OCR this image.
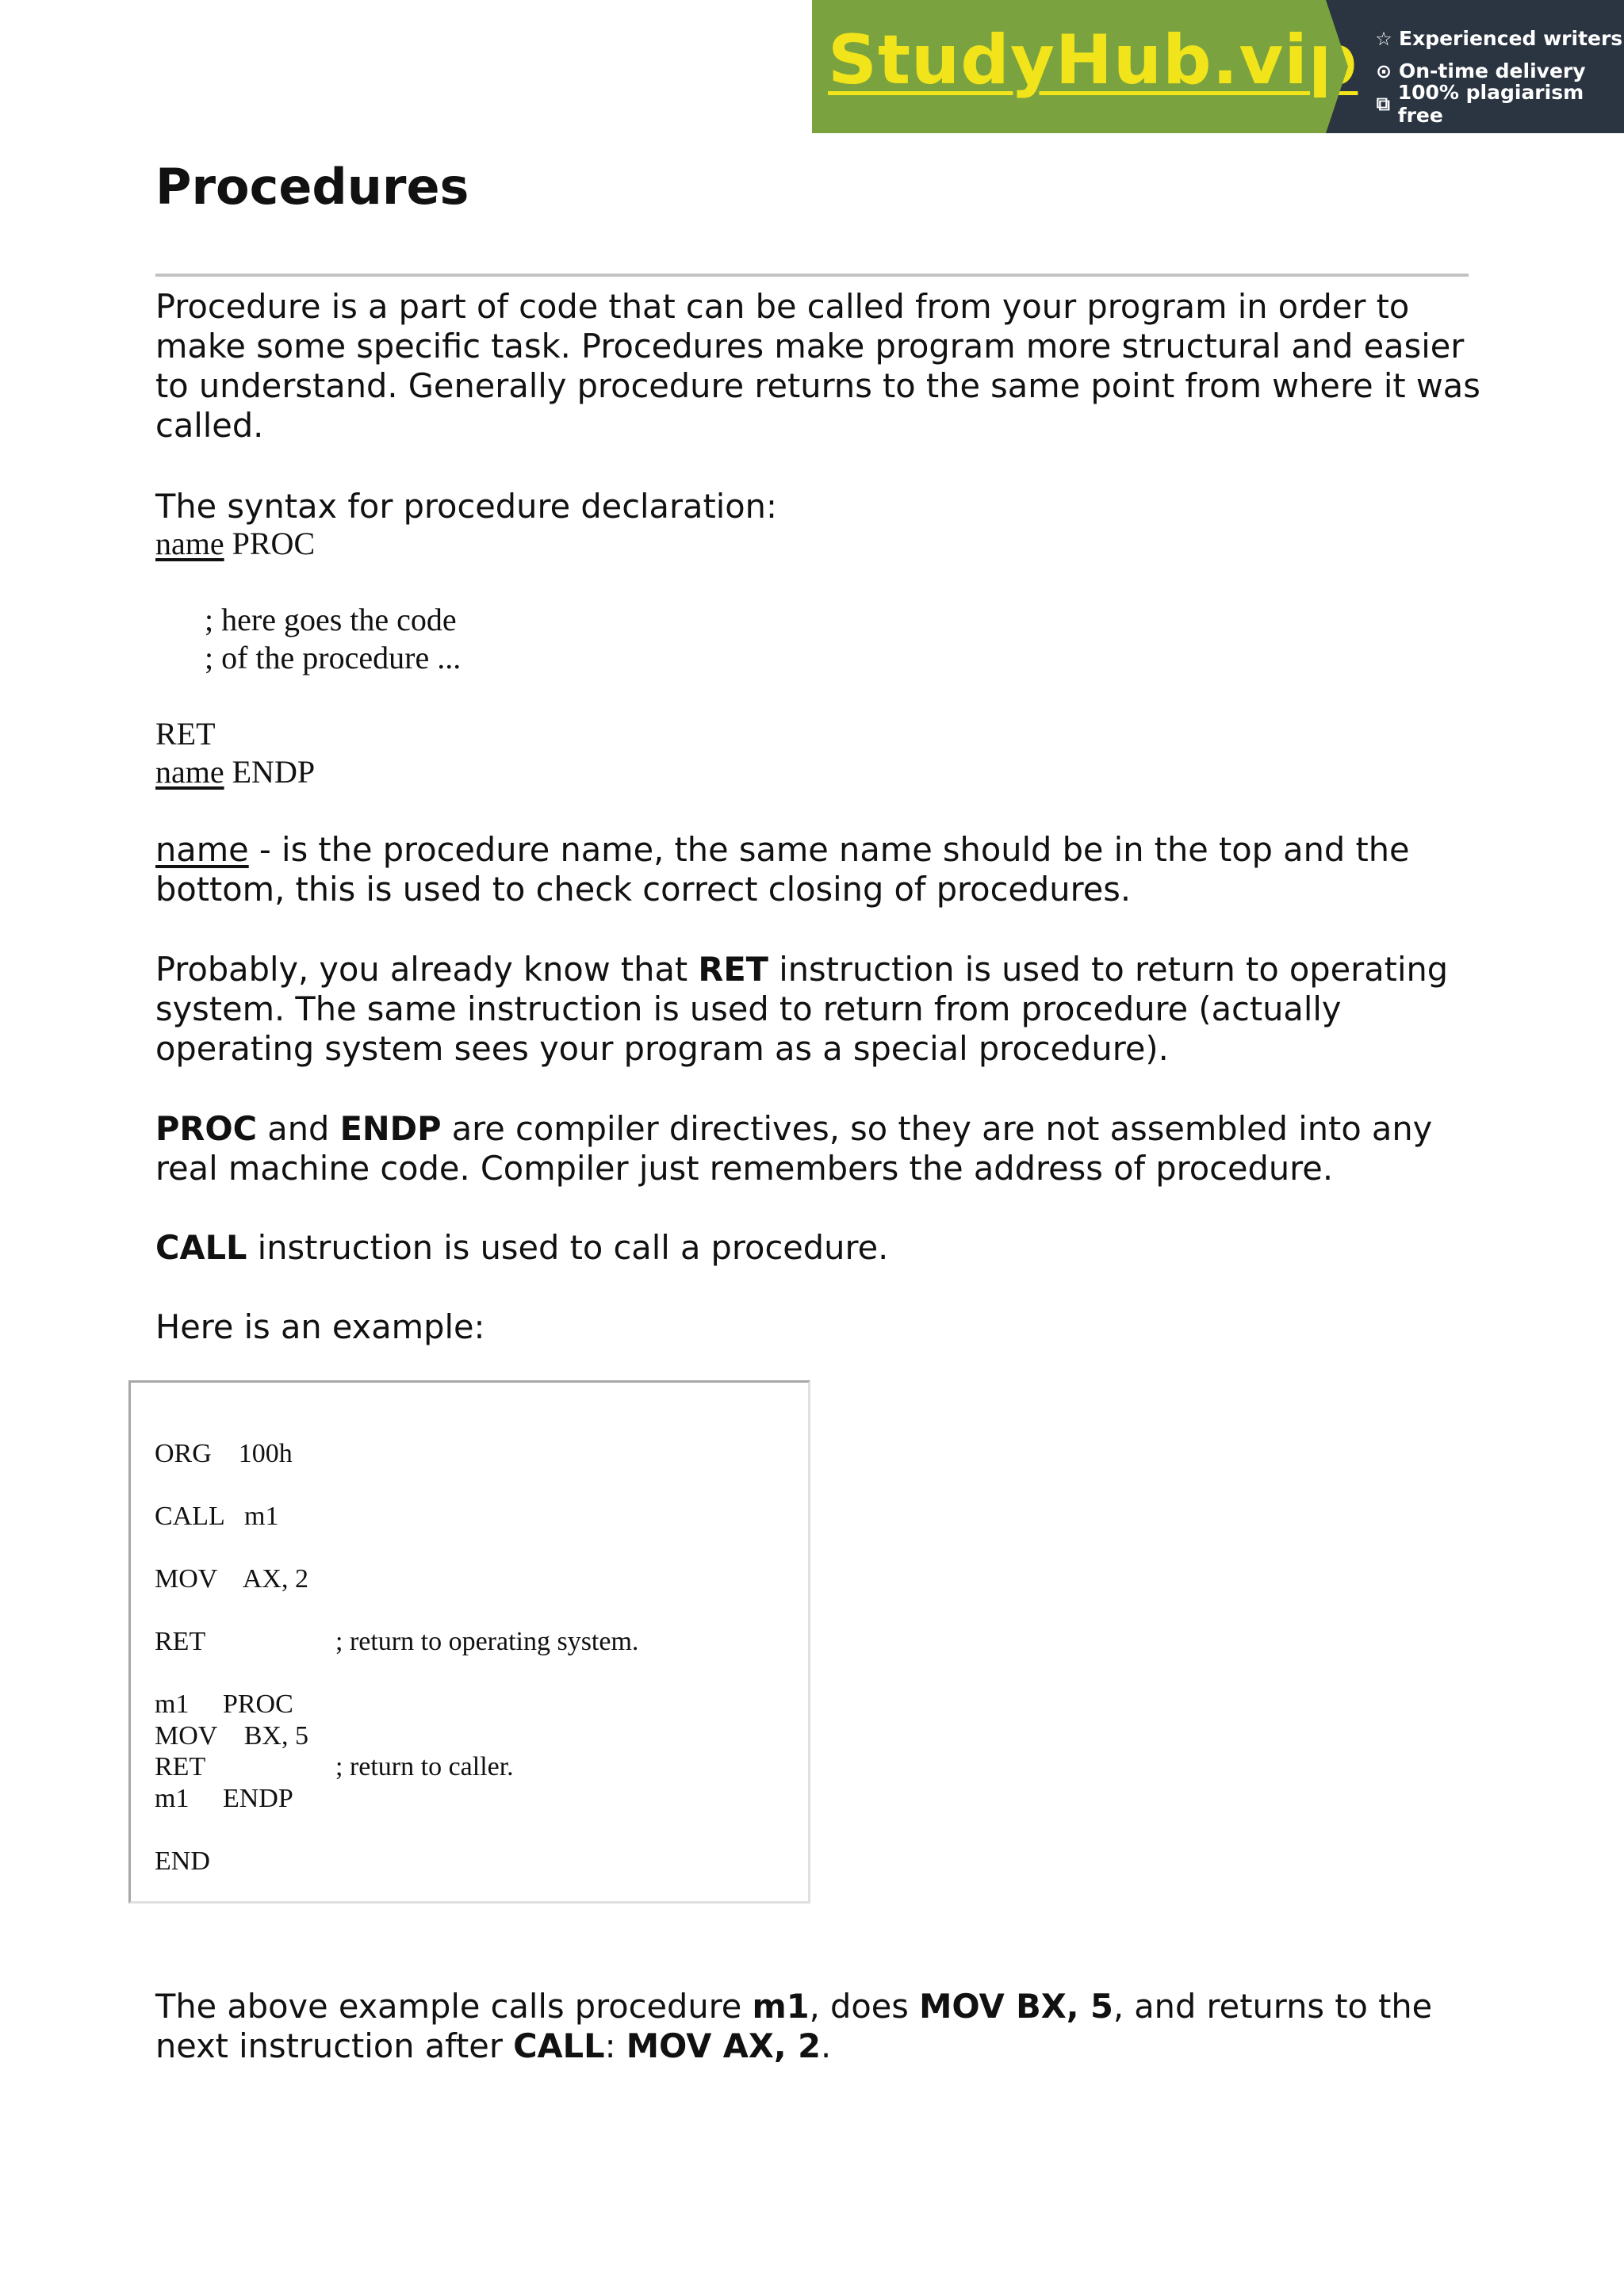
StudyHub.vip ☆ Experienced writers
⊙ On-time delivery
⧉ 100% plagiarism free
Procedures

Procedure is a part of code that can be called from your program in order to make some specific task. Procedures make program more structural and easier to understand. Generally procedure returns to the same point from where it was called.

The syntax for procedure declaration:

name PROC

; here goes the code

; of the procedure ...

RET

name ENDP

name - is the procedure name, the same name should be in the top and the bottom, this is used to check correct closing of procedures.

Probably, you already know that RET instruction is used to return to operating system. The same instruction is used to return from procedure (actually operating system sees your program as a special procedure).

PROC and ENDP are compiler directives, so they are not assembled into any real machine code. Compiler just remembers the address of procedure.

CALL instruction is used to call a procedure.

Here is an example:

ORG    100h
CALL   m1
MOV    AX, 2
RET	; return to operating system.
m1     PROC
MOV    BX, 5
RET	; return to caller.
m1     ENDP
END

The above example calls procedure m1, does MOV BX, 5, and returns to the next instruction after CALL: MOV AX, 2.
